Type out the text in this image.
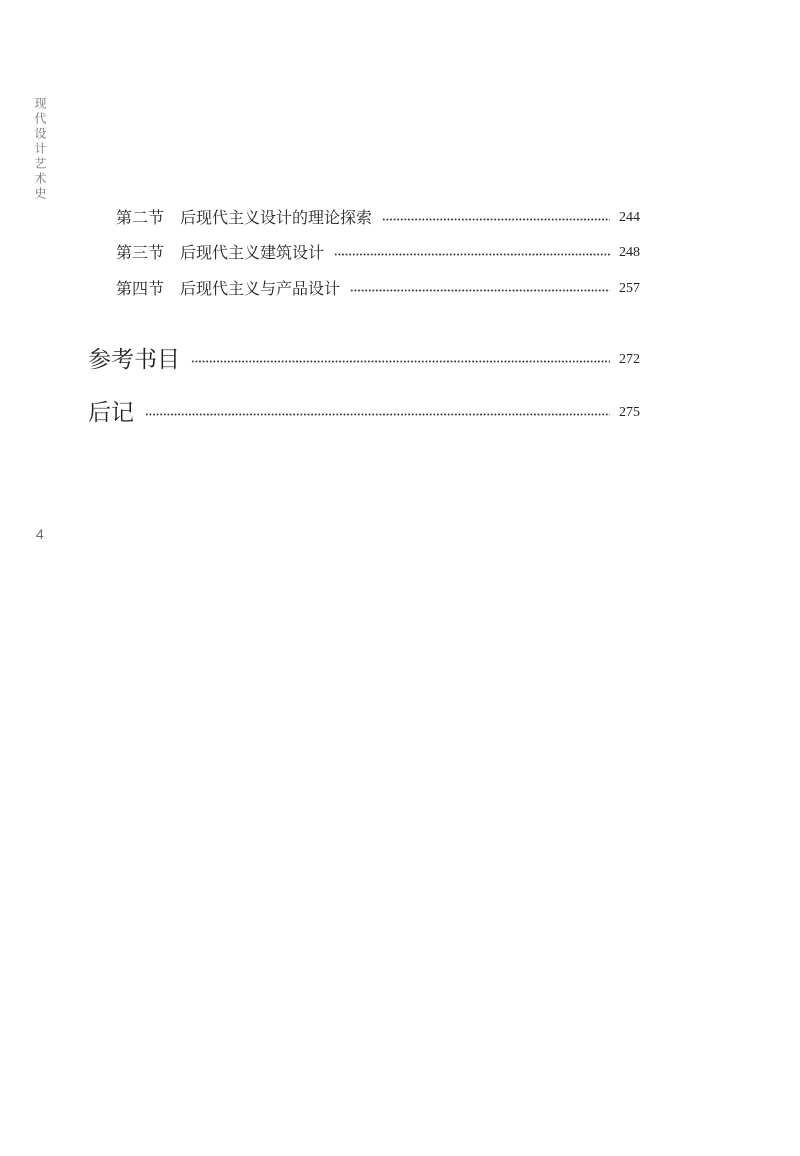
现代设计艺术史
第二节 后现代主义设计的理论探索	244
第三节 后现代主义建筑设计	248
第四节 后现代主义与产品设计	257
参考书目	272
后记	275
4
